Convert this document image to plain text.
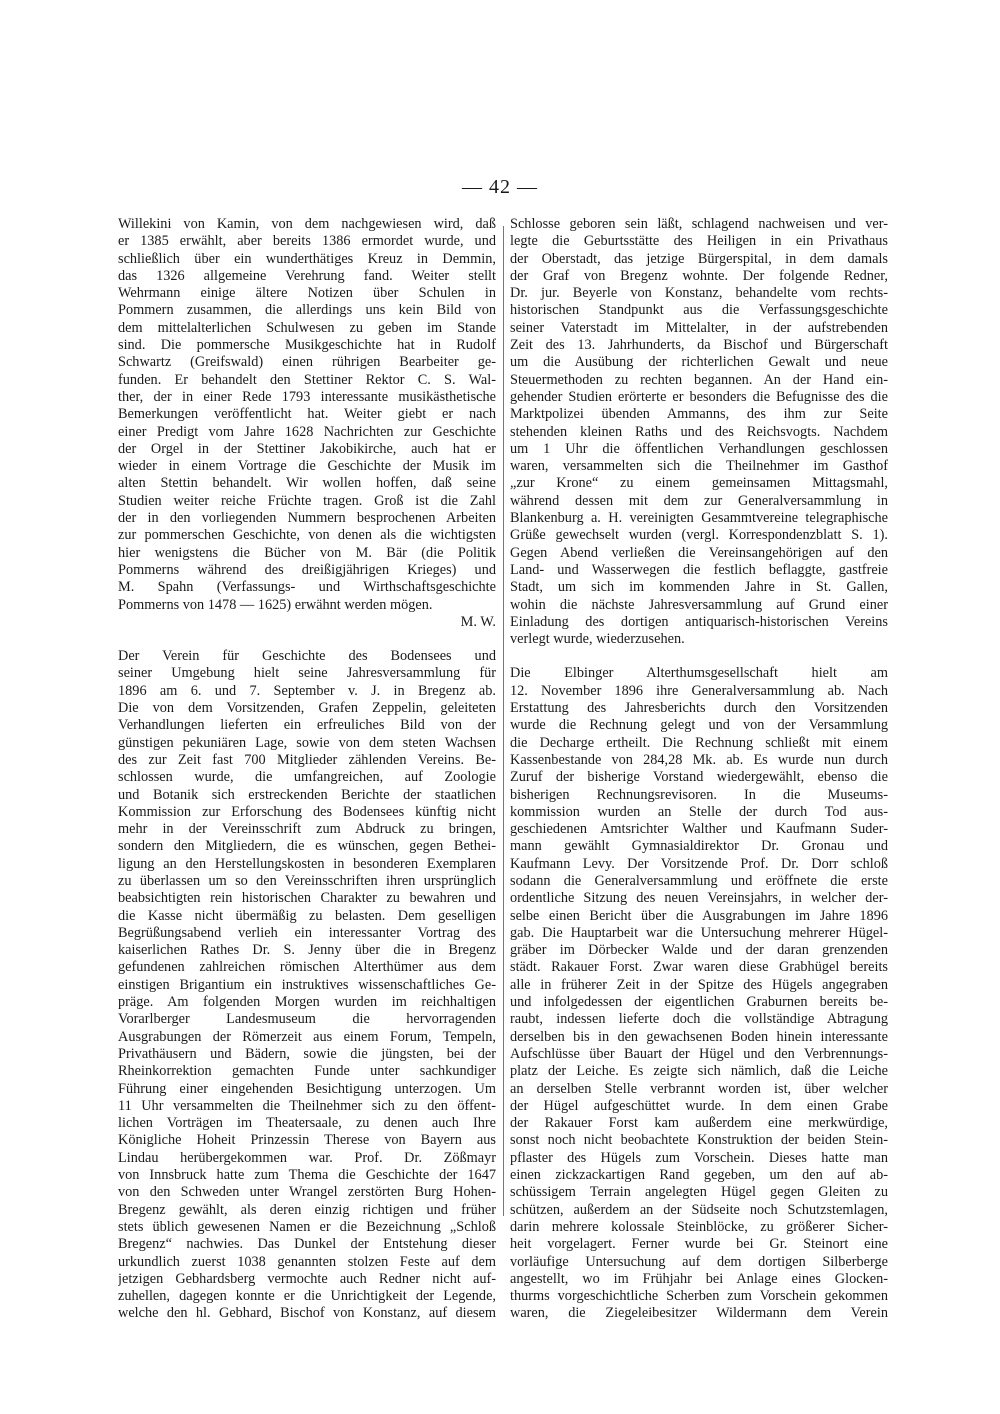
— 42 —
Willekini von Kamin, von dem nachgewiesen wird, daß
er 1385 erwählt, aber bereits 1386 ermordet wurde, und
schließlich über ein wunderthätiges Kreuz in Demmin,
das 1326 allgemeine Verehrung fand. Weiter stellt
Wehrmann einige ältere Notizen über Schulen in
Pommern zusammen, die allerdings uns kein Bild von
dem mittelalterlichen Schulwesen zu geben im Stande
sind. Die pommersche Musikgeschichte hat in Rudolf
Schwartz (Greifswald) einen rührigen Bearbeiter ge-
funden. Er behandelt den Stettiner Rektor C. S. Wal-
ther, der in einer Rede 1793 interessante musikästhetische
Bemerkungen veröffentlicht hat. Weiter giebt er nach
einer Predigt vom Jahre 1628 Nachrichten zur Geschichte
der Orgel in der Stettiner Jakobikirche, auch hat er
wieder in einem Vortrage die Geschichte der Musik im
alten Stettin behandelt. Wir wollen hoffen, daß seine
Studien weiter reiche Früchte tragen. Groß ist die Zahl
der in den vorliegenden Nummern besprochenen Arbeiten
zur pommerschen Geschichte, von denen als die wichtigsten
hier wenigstens die Bücher von M. Bär (die Politik
Pommerns während des dreißigjährigen Krieges) und
M. Spahn (Verfassungs- und Wirthschaftsgeschichte
Pommerns von 1478 — 1625) erwähnt werden mögen.
M. W.
Der Verein für Geschichte des Bodensees und
seiner Umgebung hielt seine Jahresversammlung für
1896 am 6. und 7. September v. J. in Bregenz ab.
Die von dem Vorsitzenden, Grafen Zeppelin, geleiteten
Verhandlungen lieferten ein erfreuliches Bild von der
günstigen pekuniären Lage, sowie von dem steten Wachsen
des zur Zeit fast 700 Mitglieder zählenden Vereins. Be-
schlossen wurde, die umfangreichen, auf Zoologie
und Botanik sich erstreckenden Berichte der staatlichen
Kommission zur Erforschung des Bodensees künftig nicht
mehr in der Vereinsschrift zum Abdruck zu bringen,
sondern den Mitgliedern, die es wünschen, gegen Bethei-
ligung an den Herstellungskosten in besonderen Exemplaren
zu überlassen um so den Vereinsschriften ihren ursprünglich
beabsichtigten rein historischen Charakter zu bewahren und
die Kasse nicht übermäßig zu belasten. Dem geselligen
Begrüßungsabend verlieh ein interessanter Vortrag des
kaiserlichen Rathes Dr. S. Jenny über die in Bregenz
gefundenen zahlreichen römischen Alterthümer aus dem
einstigen Brigantium ein instruktives wissenschaftliches Ge-
präge. Am folgenden Morgen wurden im reichhaltigen
Vorarlberger Landesmuseum die hervorragenden
Ausgrabungen der Römerzeit aus einem Forum, Tempeln,
Privathäusern und Bädern, sowie die jüngsten, bei der
Rheinkorrektion gemachten Funde unter sachkundiger
Führung einer eingehenden Besichtigung unterzogen. Um
11 Uhr versammelten die Theilnehmer sich zu den öffent-
lichen Vorträgen im Theatersaale, zu denen auch Ihre
Königliche Hoheit Prinzessin Therese von Bayern aus
Lindau herübergekommen war. Prof. Dr. Zößmayr
von Innsbruck hatte zum Thema die Geschichte der 1647
von den Schweden unter Wrangel zerstörten Burg Hohen-
Bregenz gewählt, als deren einzig richtigen und früher
stets üblich gewesenen Namen er die Bezeichnung „Schloß
Bregenz“ nachwies. Das Dunkel der Entstehung dieser
urkundlich zuerst 1038 genannten stolzen Feste auf dem
jetzigen Gebhardsberg vermochte auch Redner nicht auf-
zuhellen, dagegen konnte er die Unrichtigkeit der Legende,
welche den hl. Gebhard, Bischof von Konstanz, auf diesem
Schlosse geboren sein läßt, schlagend nachweisen und ver-
legte die Geburtsstätte des Heiligen in ein Privathaus
der Oberstadt, das jetzige Bürgerspital, in dem damals
der Graf von Bregenz wohnte. Der folgende Redner,
Dr. jur. Beyerle von Konstanz, behandelte vom rechts-
historischen Standpunkt aus die Verfassungsgeschichte
seiner Vaterstadt im Mittelalter, in der aufstrebenden
Zeit des 13. Jahrhunderts, da Bischof und Bürgerschaft
um die Ausübung der richterlichen Gewalt und neue
Steuermethoden zu rechten begannen. An der Hand ein-
gehender Studien erörterte er besonders die Befugnisse des die
Marktpolizei übenden Ammanns, des ihm zur Seite
stehenden kleinen Raths und des Reichsvogts. Nachdem
um 1 Uhr die öffentlichen Verhandlungen geschlossen
waren, versammelten sich die Theilnehmer im Gasthof
„zur Krone“ zu einem gemeinsamen Mittagsmahl,
während dessen mit dem zur Generalversammlung in
Blankenburg a. H. vereinigten Gesammtvereine telegraphische
Grüße gewechselt wurden (vergl. Korrespondenzblatt S. 1).
Gegen Abend verließen die Vereinsangehörigen auf den
Land- und Wasserwegen die festlich beflaggte, gastfreie
Stadt, um sich im kommenden Jahre in St. Gallen,
wohin die nächste Jahresversammlung auf Grund einer
Einladung des dortigen antiquarisch-historischen Vereins
verlegt wurde, wiederzusehen.
Die Elbinger Alterthumsgesellschaft hielt am
12. November 1896 ihre Generalversammlung ab. Nach
Erstattung des Jahresberichts durch den Vorsitzenden
wurde die Rechnung gelegt und von der Versammlung
die Decharge ertheilt. Die Rechnung schließt mit einem
Kassenbestande von 284,28 Mk. ab. Es wurde nun durch
Zuruf der bisherige Vorstand wiedergewählt, ebenso die
bisherigen Rechnungsrevisoren. In die Museums-
kommission wurden an Stelle der durch Tod aus-
geschiedenen Amtsrichter Walther und Kaufmann Suder-
mann gewählt Gymnasialdirektor Dr. Gronau und
Kaufmann Levy. Der Vorsitzende Prof. Dr. Dorr schloß
sodann die Generalversammlung und eröffnete die erste
ordentliche Sitzung des neuen Vereinsjahrs, in welcher der-
selbe einen Bericht über die Ausgrabungen im Jahre 1896
gab. Die Hauptarbeit war die Untersuchung mehrerer Hügel-
gräber im Dörbecker Walde und der daran grenzenden
städt. Rakauer Forst. Zwar waren diese Grabhügel bereits
alle in früherer Zeit in der Spitze des Hügels angegraben
und infolgedessen der eigentlichen Graburnen bereits be-
raubt, indessen lieferte doch die vollständige Abtragung
derselben bis in den gewachsenen Boden hinein interessante
Aufschlüsse über Bauart der Hügel und den Verbrennungs-
platz der Leiche. Es zeigte sich nämlich, daß die Leiche
an derselben Stelle verbrannt worden ist, über welcher
der Hügel aufgeschüttet wurde. In dem einen Grabe
der Rakauer Forst kam außerdem eine merkwürdige,
sonst noch nicht beobachtete Konstruktion der beiden Stein-
pflaster des Hügels zum Vorschein. Dieses hatte man
einen zickzackartigen Rand gegeben, um den auf ab-
schüssigem Terrain angelegten Hügel gegen Gleiten zu
schützen, außerdem an der Südseite noch Schutzstemlagen,
darin mehrere kolossale Steinblöcke, zu größerer Sicher-
heit vorgelagert. Ferner wurde bei Gr. Steinort eine
vorläufige Untersuchung auf dem dortigen Silberberge
angestellt, wo im Frühjahr bei Anlage eines Glocken-
thurms vorgeschichtliche Scherben zum Vorschein gekommen
waren, die Ziegeleibesitzer Wildermann dem Verein
